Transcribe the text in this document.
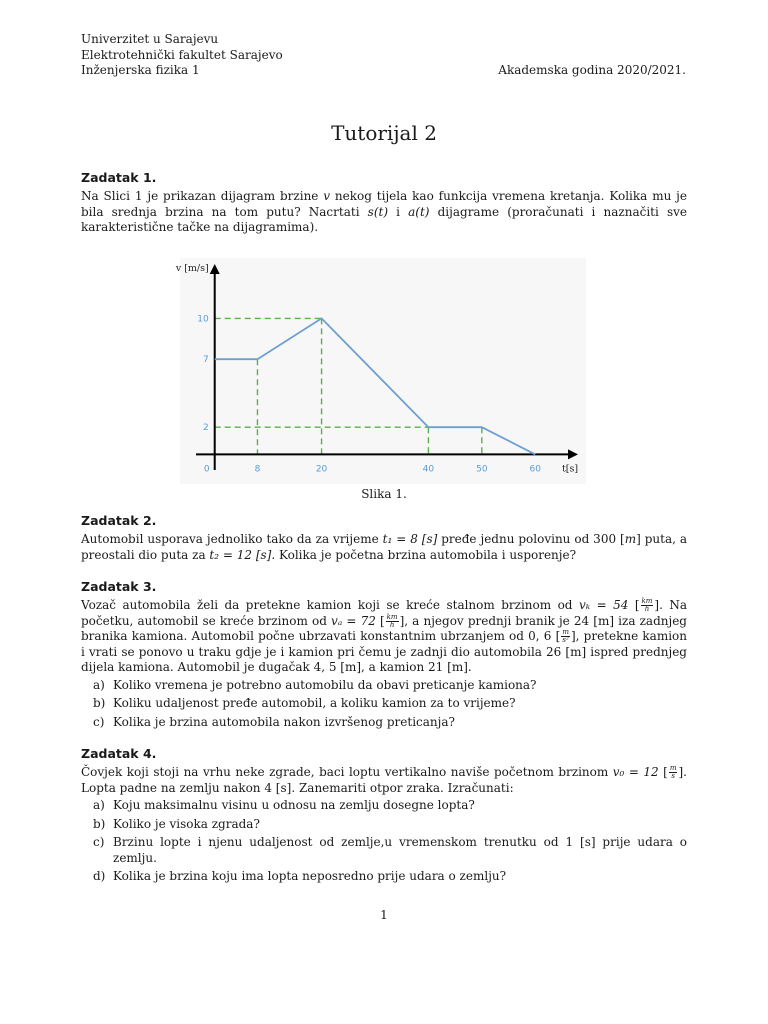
Univerzitet u Sarajevu
Elektrotehnički fakultet Sarajevo
Inženjerska fizika 1	Akademska godina 2020/2021.
Tutorijal 2
Zadatak 1.

Na Slici 1 je prikazan dijagram brzine v nekog tijela kao funkcija vremena kretanja. Kolika mu je bila srednja brzina na tom putu? Nacrtati s(t) i a(t) dijagrame (proračunati i naznačiti sve karakteristične tačke na dijagramima).

v [m/s]
t[s]
0	8	20	40	50	60
2
7
10
Slika 1.
Zadatak 2.

Automobil usporava jednoliko tako da za vrijeme t₁ = 8 [s] pređe jednu polovinu od 300 [m] puta, a preostali dio puta za t₂ = 12 [s]. Kolika je početna brzina automobila i usporenje?

Zadatak 3.

Vozač automobila želi da pretekne kamion koji se kreće stalnom brzinom od vₖ = 54 [ $\frac{km}{h}$ ]. Na početku, automobil se kreće brzinom od vₐ = 72 [ $\frac{km}{h}$ ], a njegov prednji branik je 24 [m] iza zadnjeg branika kamiona. Automobil počne ubrzavati konstantnim ubrzanjem od 0, 6 [ $\frac{m}{\text{s²}}$ ], pretekne kamion i vrati se ponovo u traku gdje je i kamion pri čemu je zadnji dio automobila 26 [m] ispred prednjeg dijela kamiona. Automobil je dugačak 4, 5 [m], a kamion 21 [m].

a) Koliko vremena je potrebno automobilu da obavi preticanje kamiona?
b) Koliku udaljenost pređe automobil, a koliku kamion za to vrijeme?
c) Kolika je brzina automobila nakon izvršenog preticanja?
Zadatak 4.

Čovjek koji stoji na vrhu neke zgrade, baci loptu vertikalno naviše početnom brzinom v₀ = 12 [ $\frac{m}{s}$ ]. Lopta padne na zemlju nakon 4 [s]. Zanemariti otpor zraka. Izračunati:

a) Koju maksimalnu visinu u odnosu na zemlju dosegne lopta?
b) Koliko je visoka zgrada?
c) Brzinu lopte i njenu udaljenost od zemlje,u vremenskom trenutku od 1 [s] prije udara o zemlju.
d) Kolika je brzina koju ima lopta neposredno prije udara o zemlju?
1
